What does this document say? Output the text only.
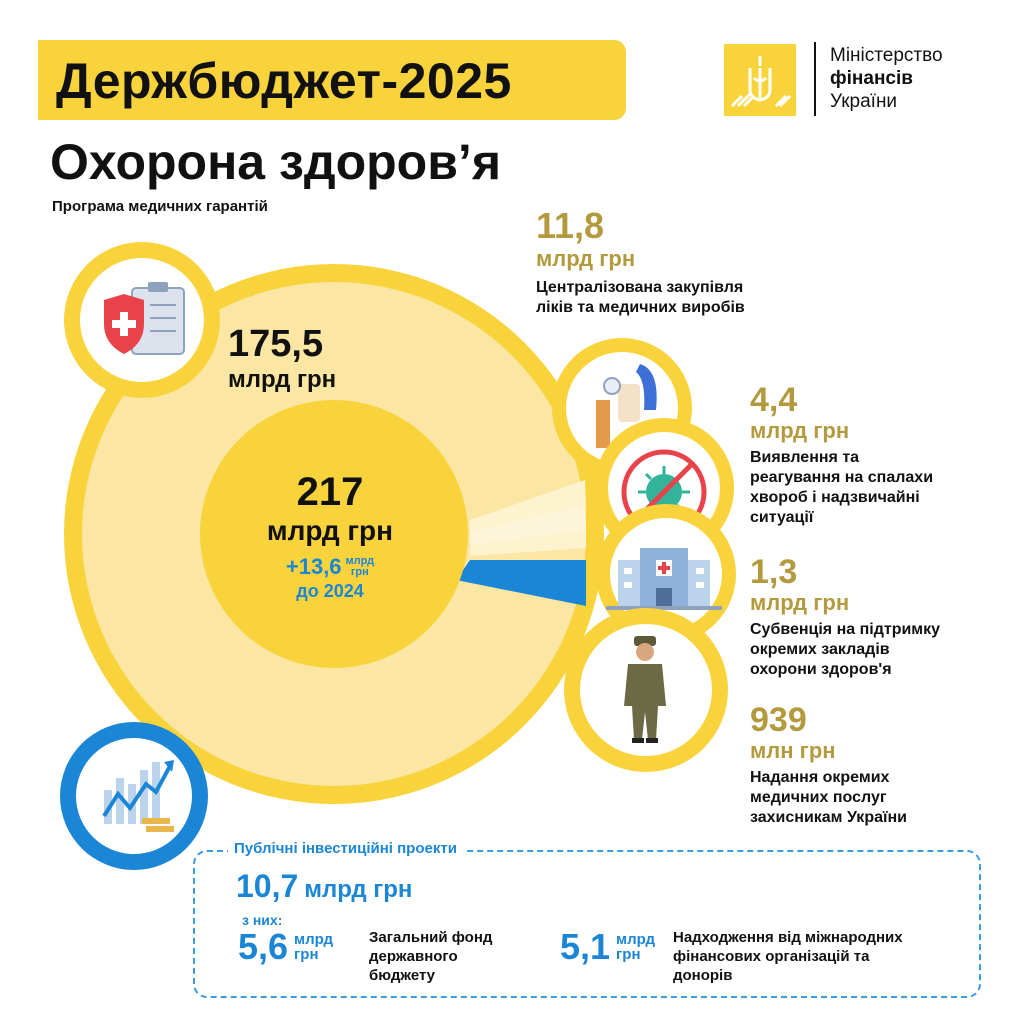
Держбюджет-2025
Охорона здоров’я
Міністерство
фінансів
України
Програма медичних гарантій
175,5
млрд грн
217
млрд грн
+13,6 млрд
грн
до 2024
11,8
млрд грн
Централізована закупівля
ліків та медичних виробів
4,4
млрд грн
Виявлення та
реагування на спалахи
хвороб і надзвичайні
ситуації
1,3
млрд грн
Субвенція на підтримку
окремих закладів
охорони здоров'я
939
млн грн
Надання окремих
медичних послуг
захисникам України
Публічні інвестиційні проекти
10,7 млрд грн
з них:
5,6 млрд
грн
Загальний фонд
державного
бюджету
5,1 млрд
грн
Надходження від міжнародних
фінансових організацій та
донорів
